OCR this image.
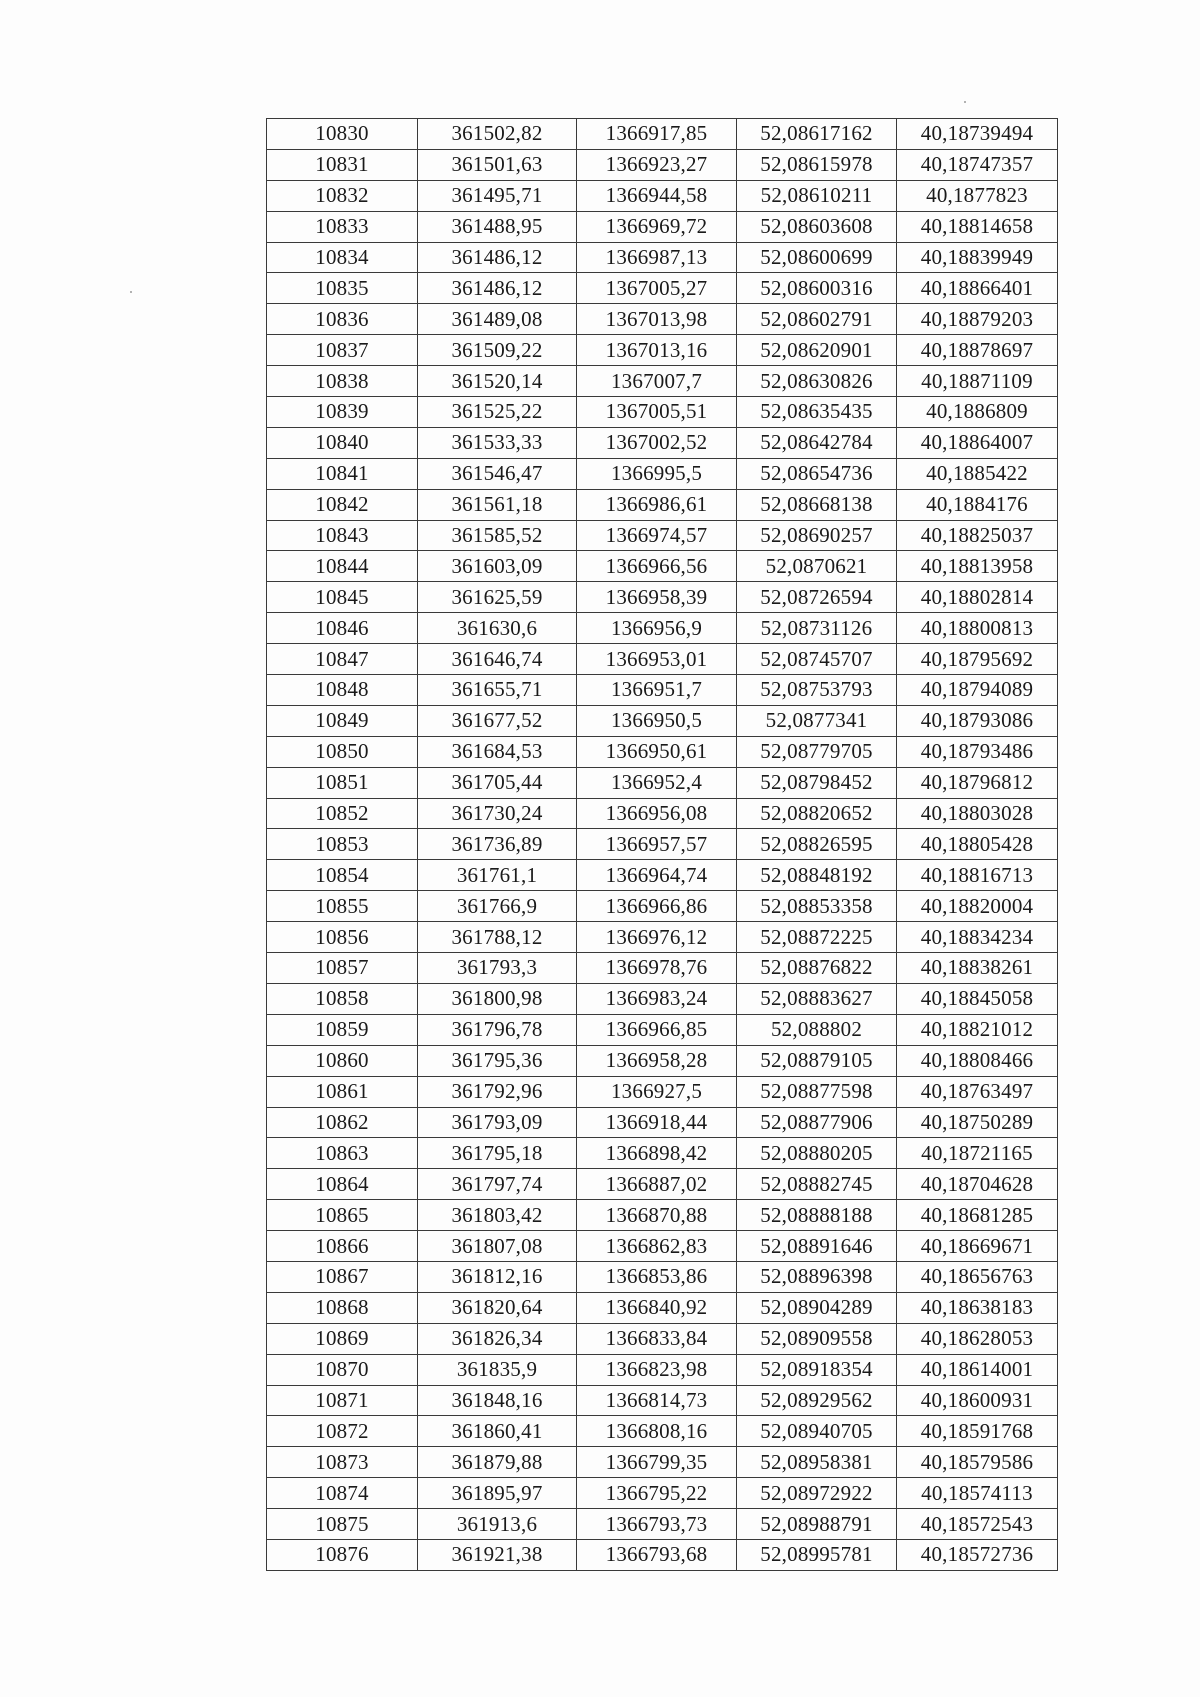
10830	361502,82	1366917,85	52,08617162	40,18739494
10831	361501,63	1366923,27	52,08615978	40,18747357
10832	361495,71	1366944,58	52,08610211	40,1877823
10833	361488,95	1366969,72	52,08603608	40,18814658
10834	361486,12	1366987,13	52,08600699	40,18839949
10835	361486,12	1367005,27	52,08600316	40,18866401
10836	361489,08	1367013,98	52,08602791	40,18879203
10837	361509,22	1367013,16	52,08620901	40,18878697
10838	361520,14	1367007,7	52,08630826	40,18871109
10839	361525,22	1367005,51	52,08635435	40,1886809
10840	361533,33	1367002,52	52,08642784	40,18864007
10841	361546,47	1366995,5	52,08654736	40,1885422
10842	361561,18	1366986,61	52,08668138	40,1884176
10843	361585,52	1366974,57	52,08690257	40,18825037
10844	361603,09	1366966,56	52,0870621	40,18813958
10845	361625,59	1366958,39	52,08726594	40,18802814
10846	361630,6	1366956,9	52,08731126	40,18800813
10847	361646,74	1366953,01	52,08745707	40,18795692
10848	361655,71	1366951,7	52,08753793	40,18794089
10849	361677,52	1366950,5	52,0877341	40,18793086
10850	361684,53	1366950,61	52,08779705	40,18793486
10851	361705,44	1366952,4	52,08798452	40,18796812
10852	361730,24	1366956,08	52,08820652	40,18803028
10853	361736,89	1366957,57	52,08826595	40,18805428
10854	361761,1	1366964,74	52,08848192	40,18816713
10855	361766,9	1366966,86	52,08853358	40,18820004
10856	361788,12	1366976,12	52,08872225	40,18834234
10857	361793,3	1366978,76	52,08876822	40,18838261
10858	361800,98	1366983,24	52,08883627	40,18845058
10859	361796,78	1366966,85	52,088802	40,18821012
10860	361795,36	1366958,28	52,08879105	40,18808466
10861	361792,96	1366927,5	52,08877598	40,18763497
10862	361793,09	1366918,44	52,08877906	40,18750289
10863	361795,18	1366898,42	52,08880205	40,18721165
10864	361797,74	1366887,02	52,08882745	40,18704628
10865	361803,42	1366870,88	52,08888188	40,18681285
10866	361807,08	1366862,83	52,08891646	40,18669671
10867	361812,16	1366853,86	52,08896398	40,18656763
10868	361820,64	1366840,92	52,08904289	40,18638183
10869	361826,34	1366833,84	52,08909558	40,18628053
10870	361835,9	1366823,98	52,08918354	40,18614001
10871	361848,16	1366814,73	52,08929562	40,18600931
10872	361860,41	1366808,16	52,08940705	40,18591768
10873	361879,88	1366799,35	52,08958381	40,18579586
10874	361895,97	1366795,22	52,08972922	40,18574113
10875	361913,6	1366793,73	52,08988791	40,18572543
10876	361921,38	1366793,68	52,08995781	40,18572736
